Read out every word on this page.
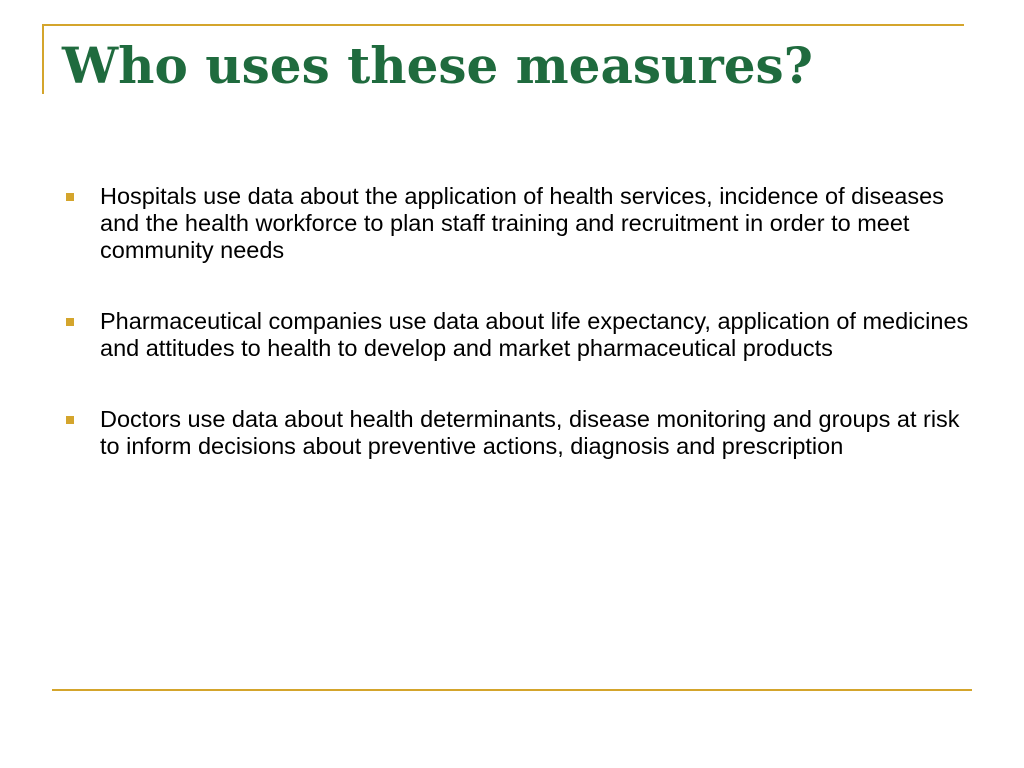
Who uses these measures?
Hospitals use data about the application of health services, incidence of diseases and the health workforce to plan staff training and recruitment in order to meet community needs
Pharmaceutical companies use data about life expectancy, application of medicines and attitudes to health to develop and market pharmaceutical products
Doctors use data about health determinants, disease monitoring and groups at risk to inform decisions about preventive actions, diagnosis and prescription
